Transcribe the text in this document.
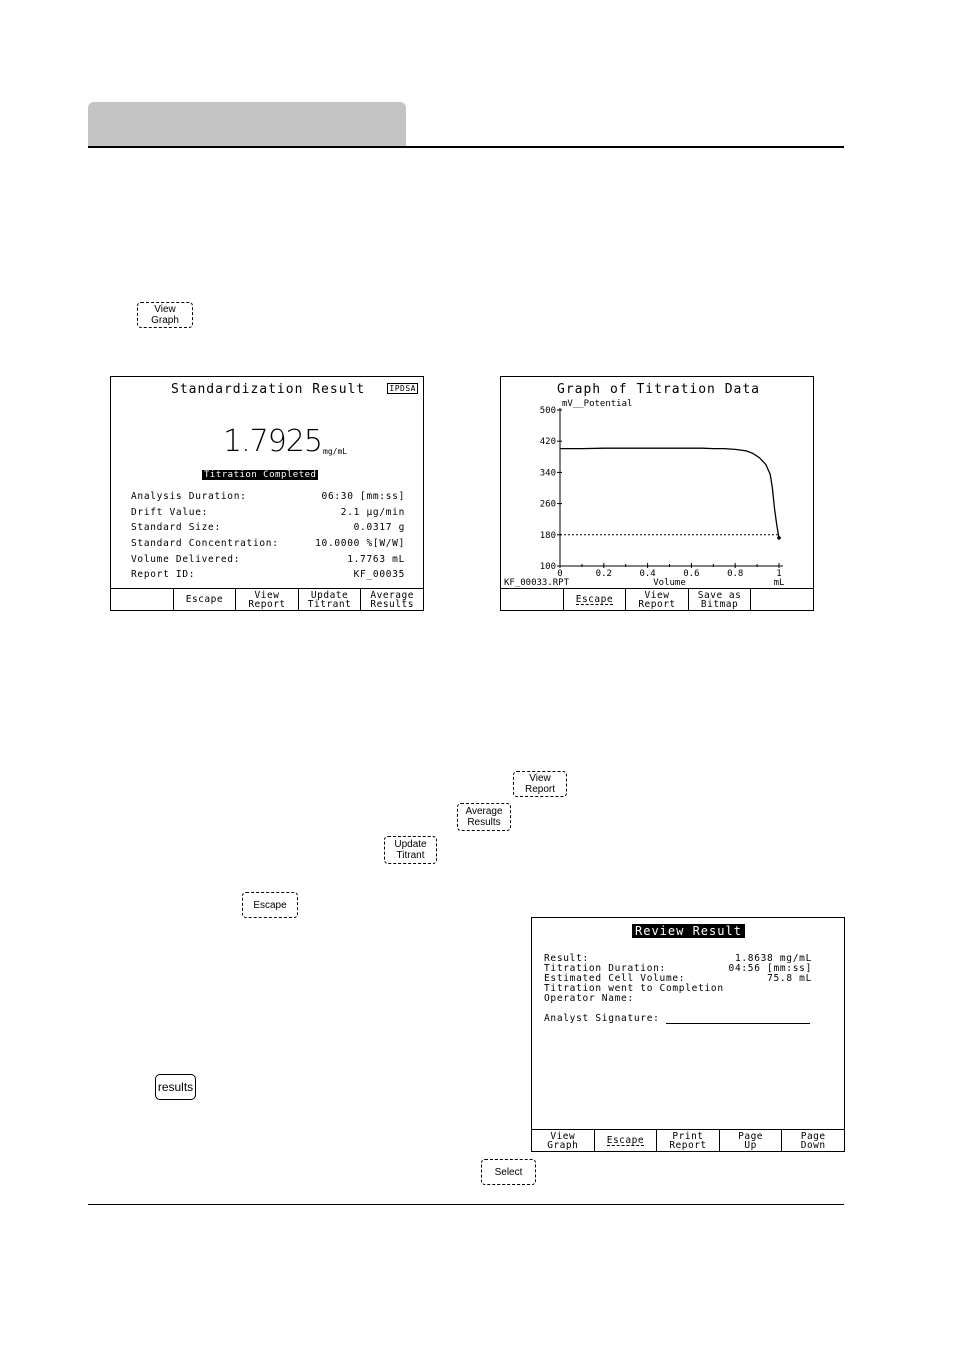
View
Graph
Standardization Result	IPDSA
1.7925 mg/mL
Titration Completed
Analysis Duration:	06:30 [mm:ss]
Drift Value:	2.1 µg/min
Standard Size:	0.0317 g
Standard Concentration:	10.0000 %[W/W]
Volume Delivered:	1.7763 mL
Report ID:	KF_00035
Escape	View
Report
Update
Titrant
Average
Results
Graph of Titration Data
100
180
260
340
420
500
0	0.2	0.4	0.6	0.8	1
mV__Potential
Volume	mL
KF_00033.RPT
Escape	View
Report
Save as
Bitmap
View
Report
Average
Results
Update
Titrant
Escape
results
Select
Review Result
Result:	1.8638 mg/mL
Titration Duration:	04:56 [mm:ss]
Estimated Cell Volume:	75.8 mL
Titration went to Completion
Operator Name:
Analyst Signature:
View
Graph	Escape	Print
Report
Page
Up
Page
Down
